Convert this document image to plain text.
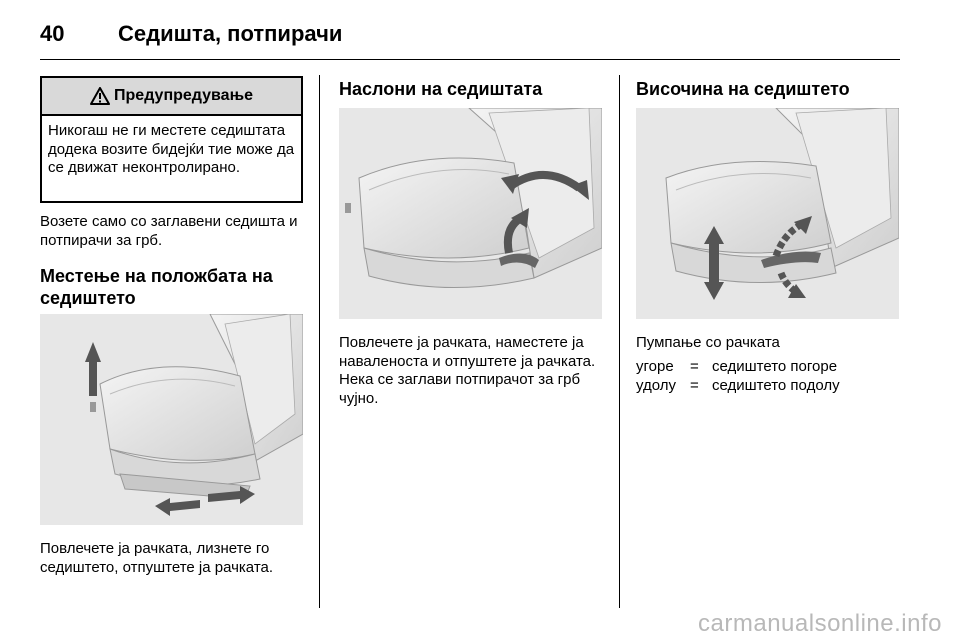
40	Седишта, потпирачи
Предупредување
Никогаш не ги местете седиштата додека возите бидејќи тие може да се движат неконтролирано.
Возете само со заглавени седишта и потпирачи за грб.
Местење на положбата на седиштето
Повлечете ја рачката, лизнете го седиштето, отпуштете ја рачката.
Наслони на седиштата
Повлечете ја рачката, наместете ја наваленоста и отпуштете ја рачката. Нека се заглави потпирачот за грб чујно.
Височина на седиштето
Пумпање со рачката
угоре	=	седиштето погоре
удолу	=	седиштето подолу
carmanualsonline.info
